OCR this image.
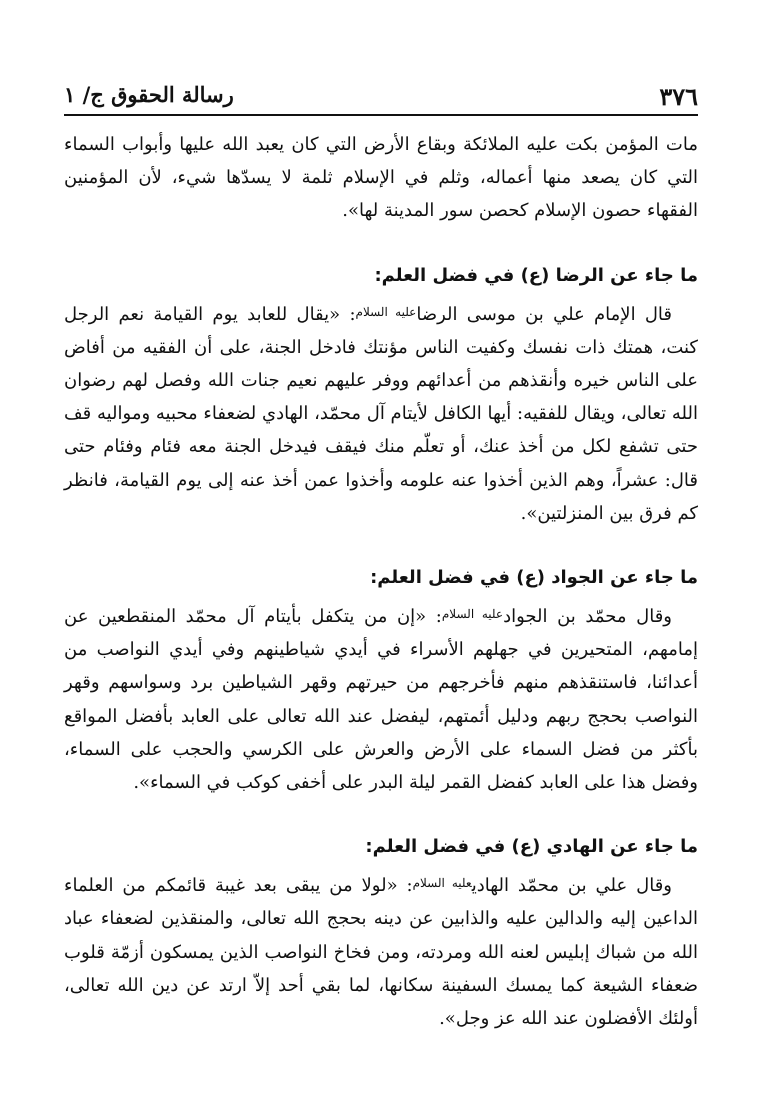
٣٧٦
رسالة الحقوق ج/ ١

مات المؤمن بكت عليه الملائكة وبقاع الأرض التي كان يعبد الله عليها وأبواب السماء التي كان يصعد منها أعماله، وثلم في الإسلام ثلمة لا يسدّها شيء، لأن المؤمنين الفقهاء حصون الإسلام كحصن سور المدينة لها».

ما جاء عن الرضا (ع) في فضل العلم:

قال الإمام علي بن موسى الرضا$^{عليه السلام}$: «يقال للعابد يوم القيامة نعم الرجل كنت، همتك ذات نفسك وكفيت الناس مؤنتك فادخل الجنة، على أن الفقيه من أفاض على الناس خيره وأنقذهم من أعدائهم ووفر عليهم نعيم جنات الله وفصل لهم رضوان الله تعالى، ويقال للفقيه: أيها الكافل لأيتام آل محمّد، الهادي لضعفاء محبيه ومواليه قف حتى تشفع لكل من أخذ عنك، أو تعلّم منك فيقف فيدخل الجنة معه فئام وفئام حتى قال: عشراً، وهم الذين أخذوا عنه علومه وأخذوا عمن أخذ عنه إلى يوم القيامة، فانظر كم فرق بين المنزلتين».

ما جاء عن الجواد (ع) في فضل العلم:

وقال محمّد بن الجواد$^{عليه السلام}$: «إن من يتكفل بأيتام آل محمّد المنقطعين عن إمامهم، المتحيرين في جهلهم الأسراء في أيدي شياطينهم وفي أيدي النواصب من أعدائنا، فاستنقذهم منهم فأخرجهم من حيرتهم وقهر الشياطين برد وسواسهم وقهر النواصب بحجج ربهم ودليل أئمتهم، ليفضل عند الله تعالى على العابد بأفضل المواقع بأكثر من فضل السماء على الأرض والعرش على الكرسي والحجب على السماء، وفضل هذا على العابد كفضل القمر ليلة البدر على أخفى كوكب في السماء».

ما جاء عن الهادي (ع) في فضل العلم:

وقال علي بن محمّد الهادي$^{عليه السلام}$: «لولا من يبقى بعد غيبة قائمكم من العلماء الداعين إليه والدالين عليه والذابين عن دينه بحجج الله تعالى، والمنقذين لضعفاء عباد الله من شباك إبليس لعنه الله ومردته، ومن فخاخ النواصب الذين يمسكون أزمّة قلوب ضعفاء الشيعة كما يمسك السفينة سكانها، لما بقي أحد إلاّ ارتد عن دين الله تعالى، أولئك الأفضلون عند الله عز وجل».
